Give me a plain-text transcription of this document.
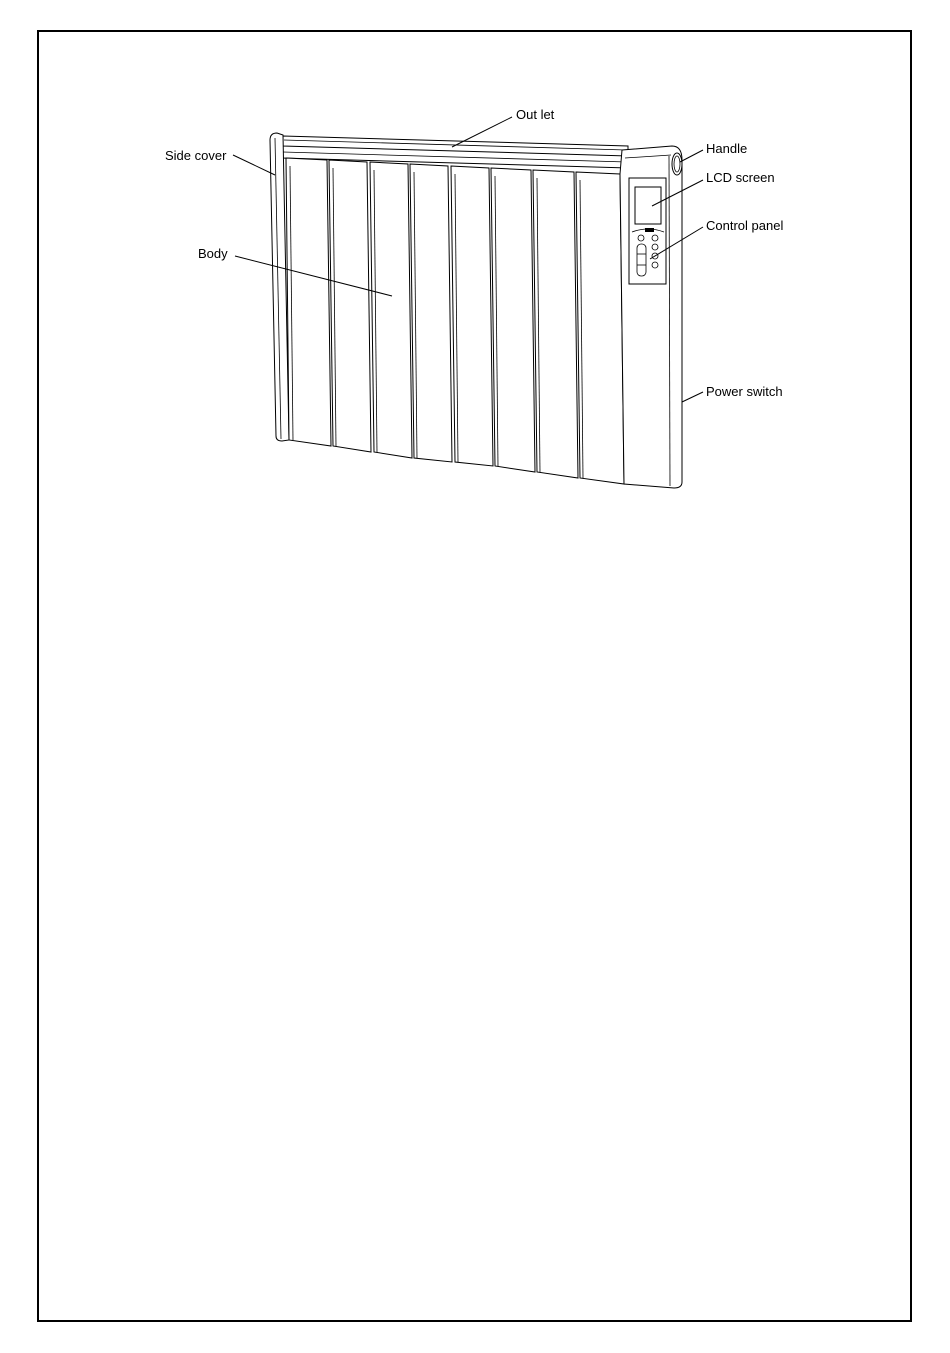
Out let
Side cover	Handle
LCD screen
Control panel
Body
Power switch
